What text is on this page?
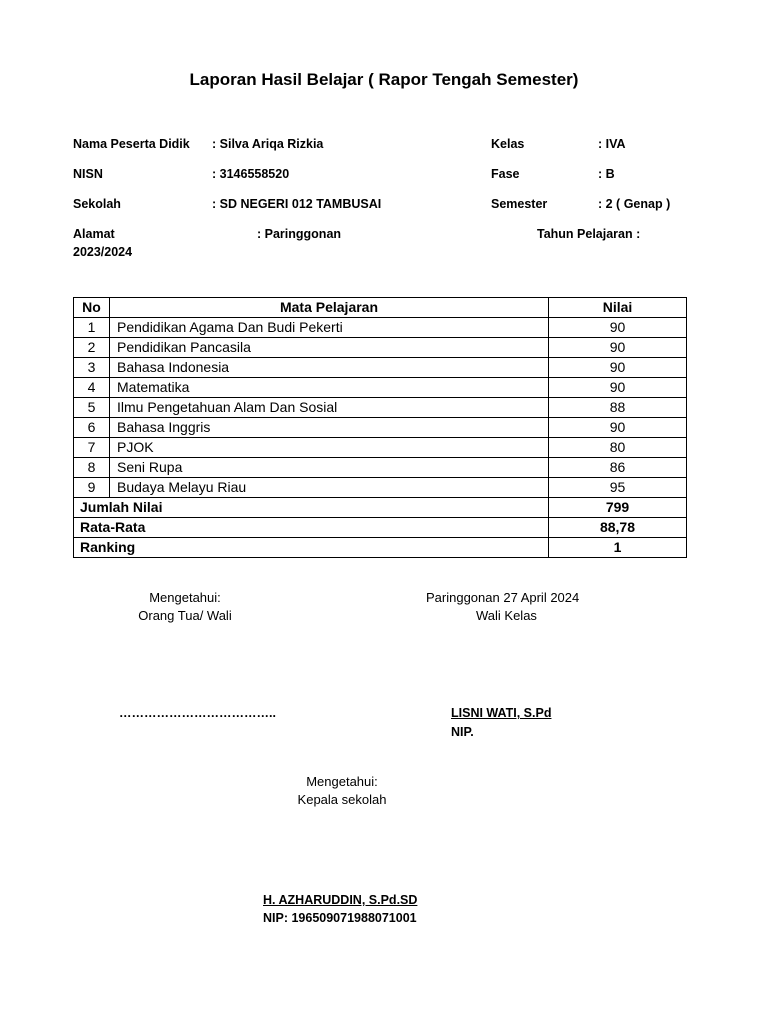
Laporan Hasil Belajar ( Rapor Tengah Semester)
Nama Peserta Didik : Silva Ariqa Rizkia	Kelas	: IVA
NISN	: 3146558520	Fase	: B
Sekolah	: SD NEGERI 012 TAMBUSAI	Semester	: 2 ( Genap )
Alamat	: Paringgonan	Tahun Pelajaran :
2023/2024
No	Mata Pelajaran	Nilai
1	Pendidikan Agama Dan Budi Pekerti	90
2	Pendidikan Pancasila	90
3	Bahasa Indonesia	90
4	Matematika	90
5	Ilmu Pengetahuan Alam Dan Sosial	88
6	Bahasa Inggris	90
7	PJOK	80
8	Seni Rupa	86
9	Budaya Melayu Riau	95
Jumlah Nilai		799
Rata-Rata		88,78
Ranking		1
Mengetahui:
Orang Tua/ Wali
………………………………..
Paringgonan 27 April 2024
Wali Kelas
LISNI WATI, S.Pd
NIP.
Mengetahui:
Kepala sekolah
H. AZHARUDDIN, S.Pd.SD
NIP: 196509071988071001
